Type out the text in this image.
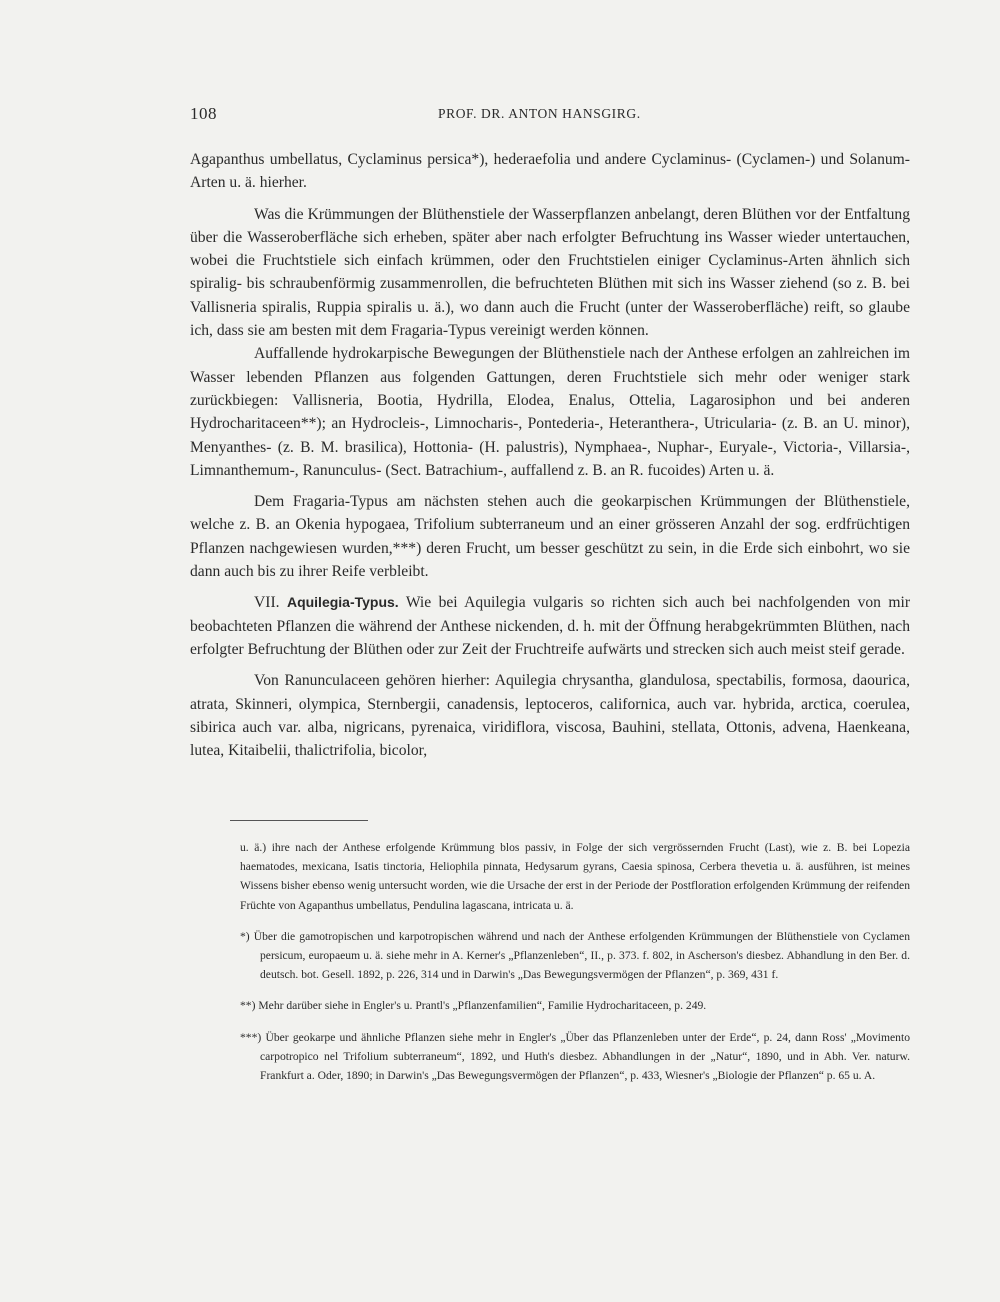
108	PROF. DR. ANTON HANSGIRG.

Agapanthus umbellatus, Cyclaminus persica*), hederaefolia und andere Cyclaminus- (Cyclamen-) und Solanum-Arten u. ä. hierher.

Was die Krümmungen der Blüthenstiele der Wasserpflanzen anbelangt, deren Blüthen vor der Entfaltung über die Wasseroberfläche sich erheben, später aber nach erfolgter Befruchtung ins Wasser wieder untertauchen, wobei die Fruchtstiele sich einfach krümmen, oder den Fruchtstielen einiger Cyclaminus-Arten ähnlich sich spiralig- bis schraubenförmig zusammenrollen, die befruchteten Blüthen mit sich ins Wasser ziehend (so z. B. bei Vallisneria spiralis, Ruppia spiralis u. ä.), wo dann auch die Frucht (unter der Wasseroberfläche) reift, so glaube ich, dass sie am besten mit dem Fragaria-Typus vereinigt werden können.

Auffallende hydrokarpische Bewegungen der Blüthenstiele nach der Anthese erfolgen an zahlreichen im Wasser lebenden Pflanzen aus folgenden Gattungen, deren Fruchtstiele sich mehr oder weniger stark zurückbiegen: Vallisneria, Bootia, Hydrilla, Elodea, Enalus, Ottelia, Lagarosiphon und bei anderen Hydrocharitaceen**); an Hydrocleis-, Limnocharis-, Pontederia-, Heteranthera-, Utricularia- (z. B. an U. minor), Menyanthes- (z. B. M. brasilica), Hottonia- (H. palustris), Nymphaea-, Nuphar-, Euryale-, Victoria-, Villarsia-, Limnanthemum-, Ranunculus- (Sect. Batrachium-, auffallend z. B. an R. fucoides) Arten u. ä.

Dem Fragaria-Typus am nächsten stehen auch die geokarpischen Krümmungen der Blüthenstiele, welche z. B. an Okenia hypogaea, Trifolium subterraneum und an einer grösseren Anzahl der sog. erdfrüchtigen Pflanzen nachgewiesen wurden,***) deren Frucht, um besser geschützt zu sein, in die Erde sich einbohrt, wo sie dann auch bis zu ihrer Reife verbleibt.

VII. Aquilegia-Typus. Wie bei Aquilegia vulgaris so richten sich auch bei nachfolgenden von mir beobachteten Pflanzen die während der Anthese nickenden, d. h. mit der Öffnung herabgekrümmten Blüthen, nach erfolgter Befruchtung der Blüthen oder zur Zeit der Fruchtreife aufwärts und strecken sich auch meist steif gerade.

Von Ranunculaceen gehören hierher: Aquilegia chrysantha, glandulosa, spectabilis, formosa, daourica, atrata, Skinneri, olympica, Sternbergii, canadensis, leptoceros, californica, auch var. hybrida, arctica, coerulea, sibirica auch var. alba, nigricans, pyrenaica, viridiflora, viscosa, Bauhini, stellata, Ottonis, advena, Haenkeana, lutea, Kitaibelii, thalictrifolia, bicolor,

u. ä.) ihre nach der Anthese erfolgende Krümmung blos passiv, in Folge der sich vergrössernden Frucht (Last), wie z. B. bei Lopezia haematodes, mexicana, Isatis tinctoria, Heliophila pinnata, Hedysarum gyrans, Caesia spinosa, Cerbera thevetia u. ä. ausführen, ist meines Wissens bisher ebenso wenig untersucht worden, wie die Ursache der erst in der Periode der Postfloration erfolgenden Krümmung der reifenden Früchte von Agapanthus umbellatus, Pendulina lagascana, intricata u. ä.

*) Über die gamotropischen und karpotropischen während und nach der Anthese erfolgenden Krümmungen der Blüthenstiele von Cyclamen persicum, europaeum u. ä. siehe mehr in A. Kerner's „Pflanzenleben“, II., p. 373. f. 802, in Ascherson's diesbez. Abhandlung in den Ber. d. deutsch. bot. Gesell. 1892, p. 226, 314 und in Darwin's „Das Bewegungsvermögen der Pflanzen“, p. 369, 431 f.

**) Mehr darüber siehe in Engler's u. Prantl's „Pflanzenfamilien“, Familie Hydrocharitaceen, p. 249.

***) Über geokarpe und ähnliche Pflanzen siehe mehr in Engler's „Über das Pflanzenleben unter der Erde“, p. 24, dann Ross' „Movimento carpotropico nel Trifolium subterraneum“, 1892, und Huth's diesbez. Abhandlungen in der „Natur“, 1890, und in Abh. Ver. naturw. Frankfurt a. Oder, 1890; in Darwin's „Das Bewegungsvermögen der Pflanzen“, p. 433, Wiesner's „Biologie der Pflanzen“ p. 65 u. A.
